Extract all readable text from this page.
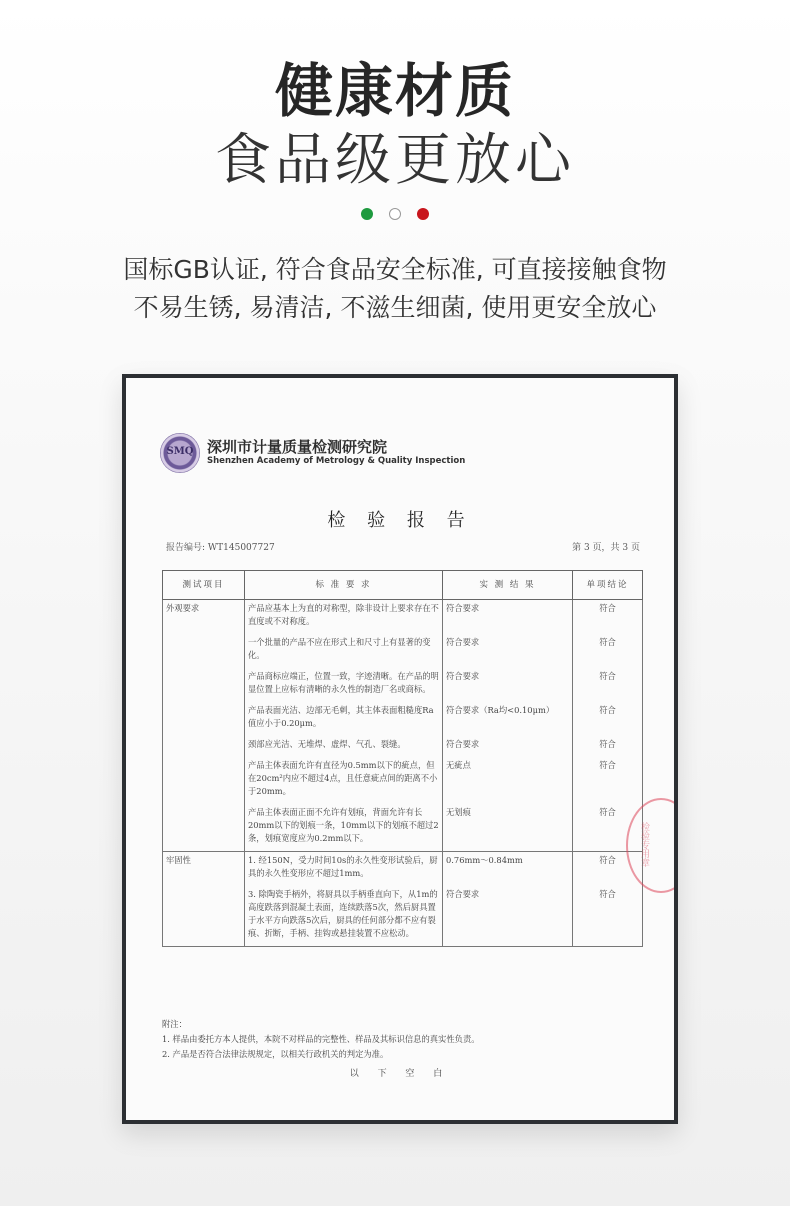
健康材质
食品级更放心
国标GB认证, 符合食品安全标准, 可直接接触食物
不易生锈, 易清洁, 不滋生细菌, 使用更安全放心
SMQ 深圳市计量质量检测研究院
Shenzhen Academy of Metrology & Quality Inspection
检 验 报 告
报告编号: WT145007727	第 3 页，共 3 页
测试项目	标 准 要 求	实 测 结 果	单项结论
外观要求	产品应基本上为直的对称型，除非设计上要求存在不直度或不对称度。	符合要求	符合
	一个批量的产品不应在形式上和尺寸上有显著的变化。	符合要求	符合
	产品商标应端正，位置一致，字迹清晰。在产品的明显位置上应标有清晰的永久性的制造厂名或商标。	符合要求	符合
	产品表面光洁、边部无毛刺，其主体表面粗糙度Ra值应小于0.20μm。	符合要求（Ra均<0.10μm）	符合
	颈部应光洁、无堆焊、虚焊、气孔、裂缝。	符合要求	符合
	产品主体表面允许有直径为0.5mm以下的疵点，但在20cm²内应不超过4点，且任意疵点间的距离不小于20mm。	无疵点	符合
	产品主体表面正面不允许有划痕，背面允许有长20mm以下的划痕一条，10mm以下的划痕不超过2条，划痕宽度应为0.2mm以下。	无划痕	符合
牢固性	1. 经150N，受力时间10s的永久性变形试验后，厨具的永久性变形应不超过1mm。	0.76mm～0.84mm	符合
	3. 除陶瓷手柄外，将厨具以手柄垂直向下，从1m的高度跌落到混凝土表面，连续跌落5次，然后厨具置于水平方向跌落5次后，厨具的任何部分都不应有裂痕、折断，手柄、挂钩或悬挂装置不应松动。	符合要求	符合
附注：
1. 样品由委托方本人提供，本院不对样品的完整性、样品及其标识信息的真实性负责。
2. 产品是否符合法律法规规定，以相关行政机关的判定为准。
以 下 空 白
检验专用章
